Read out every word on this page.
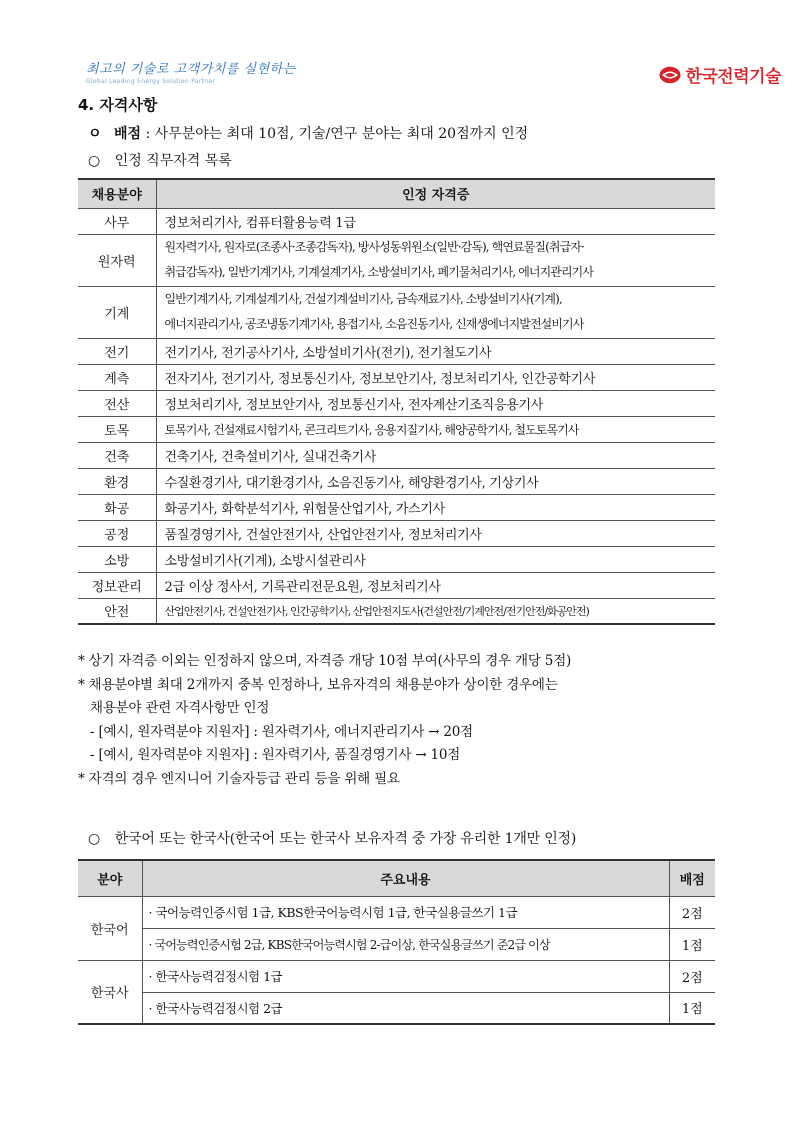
최고의 기술로 고객가치를 실현하는
Global Leading Energy Solution Partner	한국전력기술
4. 자격사항
ㅇ 배점 : 사무분야는 최대 10점, 기술/연구 분야는 최대 20점까지 인정
○ 인정 직무자격 목록
채용분야	인정 자격증
사무	정보처리기사, 컴퓨터활용능력 1급
원자력	원자력기사, 원자로(조종사·조종감독자), 방사성동위원소(일반·감독), 핵연료물질(취급자·
취급감독자), 일반기계기사, 기계설계기사, 소방설비기사, 폐기물처리기사, 에너지관리기사

기계	일반기계기사, 기계설계기사, 건설기계설비기사, 금속재료기사, 소방설비기사(기계),
에너지관리기사, 공조냉동기계기사, 용접기사, 소음진동기사, 신재생에너지발전설비기사

전기	전기기사, 전기공사기사, 소방설비기사(전기), 전기철도기사
계측	전자기사, 전기기사, 정보통신기사, 정보보안기사, 정보처리기사, 인간공학기사
전산	정보처리기사, 정보보안기사, 정보통신기사, 전자계산기조직응용기사
토목	토목기사, 건설재료시험기사, 콘크리트기사, 응용지질기사, 해양공학기사, 철도토목기사
건축	건축기사, 건축설비기사, 실내건축기사
환경	수질환경기사, 대기환경기사, 소음진동기사, 해양환경기사, 기상기사
화공	화공기사, 화학분석기사, 위험물산업기사, 가스기사
공정	품질경영기사, 건설안전기사, 산업안전기사, 정보처리기사
소방	소방설비기사(기계), 소방시설관리사
정보관리	2급 이상 정사서, 기록관리전문요원, 정보처리기사
안전	산업안전기사, 건설안전기사, 인간공학기사, 산업안전지도사(건설안전/기계안전/전기안전/화공안전)
* 상기 자격증 이외는 인정하지 않으며, 자격증 개당 10점 부여(사무의 경우 개당 5점)
* 채용분야별 최대 2개까지 중복 인정하나, 보유자격의 채용분야가 상이한 경우에는
채용분야 관련 자격사항만 인정
- [예시, 원자력분야 지원자] : 원자력기사, 에너지관리기사 → 20점
- [예시, 원자력분야 지원자] : 원자력기사, 품질경영기사 → 10점
* 자격의 경우 엔지니어 기술자등급 관리 등을 위해 필요
○ 한국어 또는 한국사(한국어 또는 한국사 보유자격 중 가장 유리한 1개만 인정)
분야	주요내용	배점
한국어	· 국어능력인증시험 1급, KBS한국어능력시험 1급, 한국실용글쓰기 1급	2점
	· 국어능력인증시험 2급, KBS한국어능력시험 2-급이상, 한국실용글쓰기 준2급 이상	1점
한국사	· 한국사능력검정시험 1급	2점
	· 한국사능력검정시험 2급	1점
